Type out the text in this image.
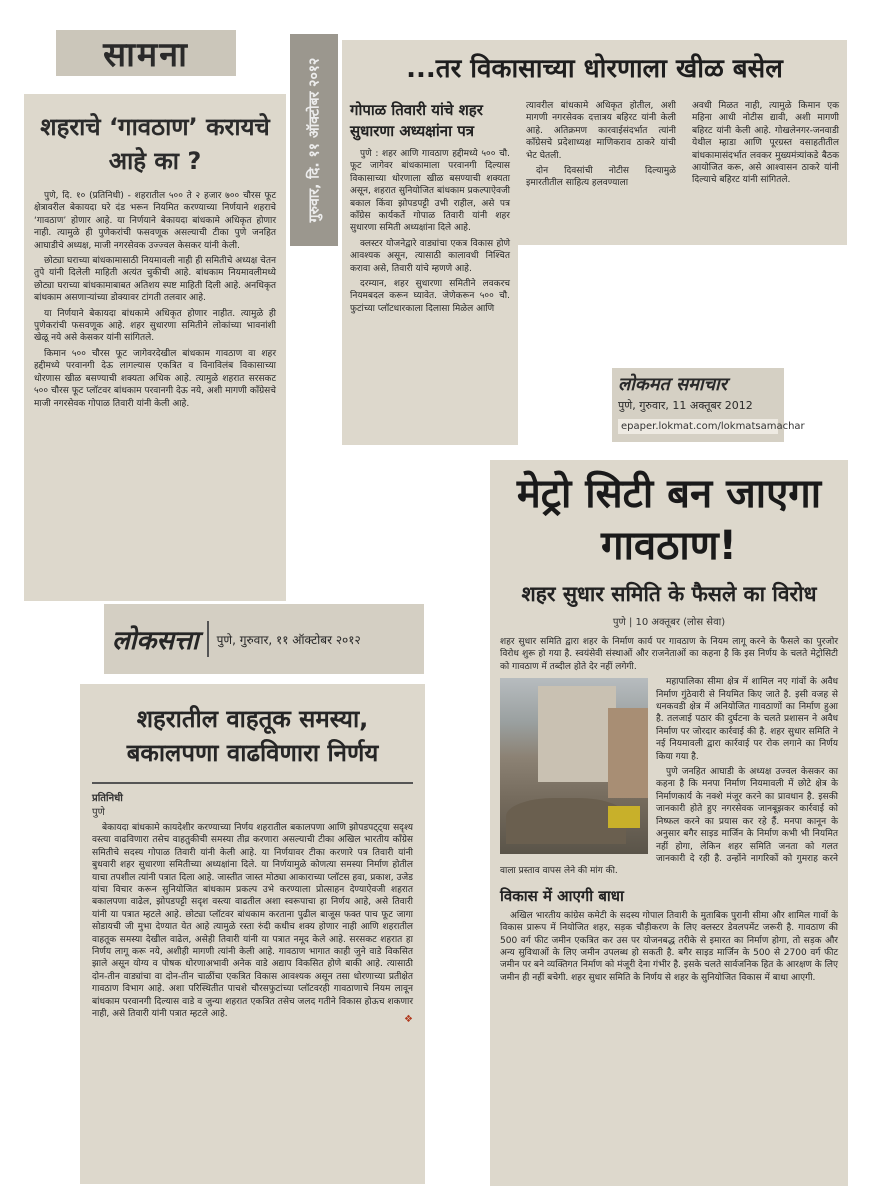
सामना
शहराचे ‘गावठाण’ करायचे आहे का ?

पुणे, दि. १० (प्रतिनिधी) - शहरातील ५०० ते २ हजार ७०० चौरस फूट क्षेत्रावरील बेकायदा घरे दंड भरून नियमित करण्याच्या निर्णयाने शहराचे ‘गावठाण’ होणार आहे. या निर्णयाने बेकायदा बांधकामे अधिकृत होणार नाही. त्यामुळे ही पुणेकरांची फसवणूक असल्याची टीका पुणे जनहित आघाडीचे अध्यक्ष, माजी नगरसेवक उज्ज्वल केसकर यांनी केली.

छोट्या घराच्या बांधकामासाठी नियमावली नाही ही समितीचे अध्यक्ष चेतन तुपे यांनी दिलेली माहिती अत्यंत चुकीची आहे. बांधकाम नियमावलीमध्ये छोट्या घराच्या बांधकामाबाबत अतिशय स्पष्ट माहिती दिली आहे. अनधिकृत बांधकाम असणाऱ्यांच्या डोक्यावर टांगती तलवार आहे.

या निर्णयाने बेकायदा बांधकामे अधिकृत होणार नाहीत. त्यामुळे ही पुणेकरांची फसवणूक आहे. शहर सुधारणा समितीने लोकांच्या भावनांशी खेळू नये असे केसकर यांनी सांगितले.

किमान ५०० चौरस फूट जागेवरदेखील बांधकाम गावठाण वा शहर हद्दीमध्ये परवानगी देऊ लागल्यास एकत्रित व विनाविलंब विकासाच्या धोरणास खीळ बसण्याची शक्यता अधिक आहे. त्यामुळे शहरात सरसकट ५०० चौरस फूट प्लॉटवर बांधकाम परवानगी देऊ नये, अशी मागणी काँग्रेसचे माजी नगरसेवक गोपाळ तिवारी यांनी केली आहे.

गुरुवार, दि. ११ ऑक्टोबर २०१२	...तर विकासाच्या धोरणाला खीळ बसेल

गोपाळ तिवारी यांचे शहर सुधारणा अध्यक्षांना पत्र

पुणे : शहर आणि गावठाण हद्दीमध्ये ५०० चौ. फूट जागेवर बांधकामाला परवानगी दिल्यास विकासाच्या धोरणाला खीळ बसण्याची शक्यता असून, शहरात सुनियोजित बांधकाम प्रकल्पाऐवजी बकाल किंवा झोपडपट्टी उभी राहील, असे पत्र काँग्रेस कार्यकर्ते गोपाळ तिवारी यांनी शहर सुधारणा समिती अध्यक्षांना दिले आहे.

क्लस्टर योजनेद्वारे वाड्यांचा एकत्र विकास होणे आवश्यक असून, त्यासाठी कालावधी निश्चित करावा असे, तिवारी यांचे म्हणणे आहे.

दरम्यान, शहर सुधारणा समितीने लवकरच नियमबदल करून घ्यावेत. जेणेकरून ५०० चौ. फुटांच्या प्लॉटधारकाला दिलासा मिळेल आणि

त्यावरील बांधकामे अधिकृत होतील, अशी मागणी नगरसेवक दत्तात्रय बहिरट यांनी केली आहे. अतिक्रमण कारवाईसंदर्भात त्यांनी काँग्रेसचे प्रदेशाध्यक्ष माणिकराव ठाकरे यांची भेट घेतली.

दोन दिवसांची नोटीस दिल्यामुळे इमारतीतील साहित्य हलवण्याला

अवधी मिळत नाही, त्यामुळे किमान एक महिना आधी नोटीस द्यावी, अशी मागणी बहिरट यांनी केली आहे. गोखलेनगर-जनवाडी येथील म्हाडा आणि पूरग्रस्त वसाहतीतील बांधकामासंदर्भात लवकर मुख्यमंत्र्यांकडे बैठक आयोजित करू, असे आश्वासन ठाकरे यांनी दिल्याचे बहिरट यांनी सांगितले.

लोकमत समाचार

पुणे, गुरुवार, 11 अक्तूबर 2012

epaper.lokmat.com/lokmatsamachar

मेट्रो सिटी बन जाएगा गावठाण!
शहर सुधार समिति के फैसले का विरोध

पुणे | 10 अक्तूबर (लोस सेवा)

शहर सुधार समिति द्वारा शहर के निर्माण कार्य पर गावठाण के नियम लागू करने के फैसले का पुरजोर विरोध शुरू हो गया है. स्वयंसेवी संस्थाओं और राजनेताओं का कहना है कि इस निर्णय के चलते मेट्रोसिटी को गावठाण में तब्दील होते देर नहीं लगेगी.

महापालिका सीमा क्षेत्र में शामिल नए गांवों के अवैध निर्माण गुंठेवारी से नियमित किए जाते है. इसी वजह से धनकवडी क्षेत्र में अनियोजित गावठाणों का निर्माण हुआ है. तलजाई पठार की दुर्घटना के चलते प्रशासन ने अवैध निर्माण पर जोरदार कार्रवाई की है. शहर सुधार समिति ने नई नियमावली द्वारा कार्रवाई पर रोक लगाने का निर्णय किया गया है.

पुणे जनहित आघाडी के अध्यक्ष उज्वल केसकर का कहना है कि मनपा निर्माण नियमावली में छोटे क्षेत्र के निर्माणकार्य के नक्शे मंजूर करने का प्रावधान है. इसकी जानकारी होते हुए नगरसेवक जानबूझकर कार्रवाई को निष्फल करने का प्रयास कर रहे हैं. मनपा कानून के अनुसार बगैर साइड मार्जिन के निर्माण कभी भी नियमित नहीं होगा, लेकिन शहर समिति जनता को गलत जानकारी दे रही है. उन्होंने नागरिकों को गुमराह करने वाला प्रस्ताव वापस लेने की मांग की.

विकास में आएगी बाधा

अखिल भारतीय कांग्रेस कमेटी के सदस्य गोपाल तिवारी के मुताबिक पुरानी सीमा और शामिल गावों के विकास प्रारूप में नियोजित शहर, सड़क चौड़ीकरण के लिए क्लस्टर डेवलपमेंट जरूरी है. गावठाण की 500 वर्ग फीट जमीन एकत्रित कर उस पर योजनबद्ध तरीके से इमारत का निर्माण होगा, तो सड़क और अन्य सुविधाओं के लिए जमीन उपलब्ध हो सकती है. बगैर साइड मार्जिन के 500 से 2700 वर्ग फीट जमीन पर बने व्यक्तिगत निर्माण को मंजूरी देना गंभीर है. इसके चलते सार्वजनिक हित के आरक्षण के लिए जमीन ही नहीं बचेगी. शहर सुधार समिति के निर्णय से शहर के सुनियोजित विकास में बाधा आएगी.

लोकसत्ता	पुणे, गुरुवार, ११ ऑक्टोबर २०१२
शहरातील वाहतूक समस्या, बकालपणा वाढविणारा निर्णय

प्रतिनिधी

पुणे

बेकायदा बांधकामे कायदेशीर करण्याच्या निर्णय शहरातील बकालपणा आणि झोपडपट्ट्या सदृश्य वस्त्या वाढविणारा तसेच वाहतुकीची समस्या तीव्र करणारा असल्याची टीका अखिल भारतीय काँग्रेस समितीचे सदस्य गोपाळ तिवारी यांनी केली आहे. या निर्णयावर टीका करणारे पत्र तिवारी यांनी बुधवारी शहर सुधारणा समितीच्या अध्यक्षांना दिले. या निर्णयामुळे कोणत्या समस्या निर्माण होतील याचा तपशील त्यांनी पत्रात दिला आहे. जास्तीत जास्त मोठ्या आकाराच्या प्लॉटस हवा, प्रकाश, उजेड यांचा विचार करून सुनियोजित बांधकाम प्रकल्प उभे करण्याला प्रोत्साहन देण्याऐवजी शहरात बकालपणा वाढेल, झोपडपट्टी सदृश वस्त्या वाढतील अशा स्वरूपाचा हा निर्णय आहे, असे तिवारी यांनी या पत्रात म्हटले आहे. छोट्या प्लॉटवर बांधकाम करताना पुढील बाजूस फक्त पाच फूट जागा सोडायची जी मुभा देण्यात येत आहे त्यामुळे रस्ता रुंदी कधीच शक्य होणार नाही आणि शहरातील वाहतूक समस्या देखील वाढेल, असेही तिवारी यांनी या पत्रात नमूद केले आहे. सरसकट शहरात हा निर्णय लागू करू नये, अशीही मागणी त्यांनी केली आहे. गावठाण भागात काही जुने वाडे विकसित झाले असून योग्य व पोषक धोरणाअभावी अनेक वाडे अद्याप विकसित होणे बाकी आहे. त्यासाठी दोन-तीन वाड्यांचा वा दोन-तीन चाळींचा एकत्रित विकास आवश्यक असून तसा धोरणाच्या प्रतीक्षेत गावठाण विभाग आहे. अशा परिस्थितीत पाचशे चौरसफुटांच्या प्लॉटवरही गावठाणाचे नियम लावून बांधकाम परवानगी दिल्यास वाडे व जुन्या शहरात एकत्रित तसेच जलद गतीने विकास होऊच शकणार नाही, असे तिवारी यांनी पत्रात म्हटले आहे.	❖
